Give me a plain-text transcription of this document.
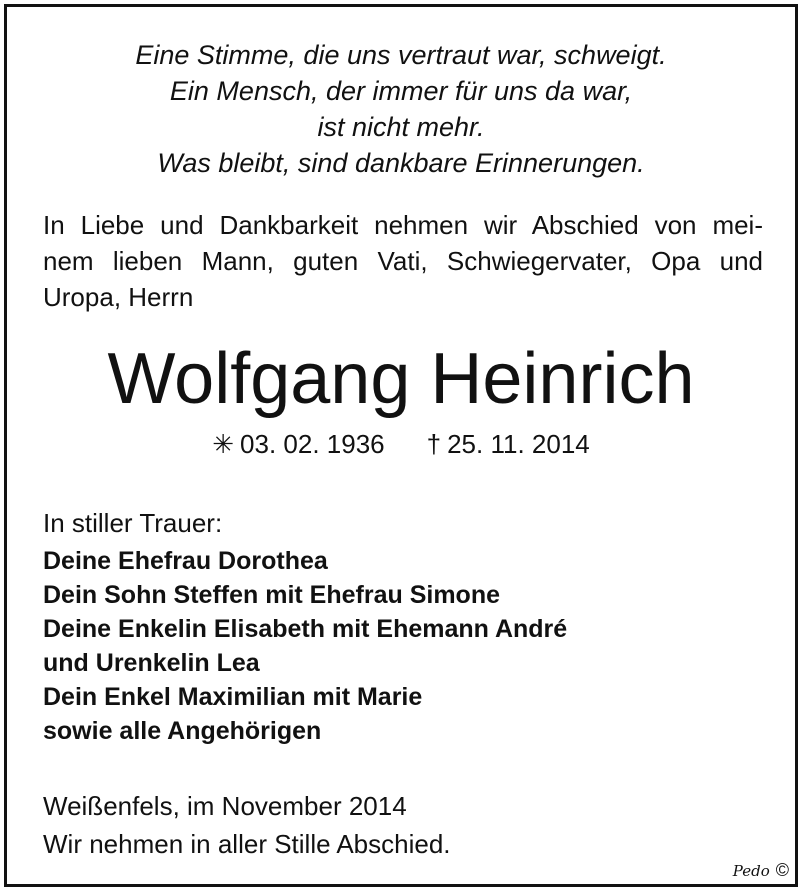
Eine Stimme, die uns vertraut war, schweigt.
Ein Mensch, der immer für uns da war,
ist nicht mehr.
Was bleibt, sind dankbare Erinnerungen.
In Liebe und Dankbarkeit nehmen wir Abschied von mei-
nem lieben Mann, guten Vati, Schwiegervater, Opa und
Uropa, Herrn
Wolfgang Heinrich
✳ 03. 02. 1936 † 25. 11. 2014
In stiller Trauer:
Deine Ehefrau Dorothea
Dein Sohn Steffen mit Ehefrau Simone
Deine Enkelin Elisabeth mit Ehemann André
und Urenkelin Lea
Dein Enkel Maximilian mit Marie
sowie alle Angehörigen
Weißenfels, im November 2014
Wir nehmen in aller Stille Abschied.
Pedo ©
